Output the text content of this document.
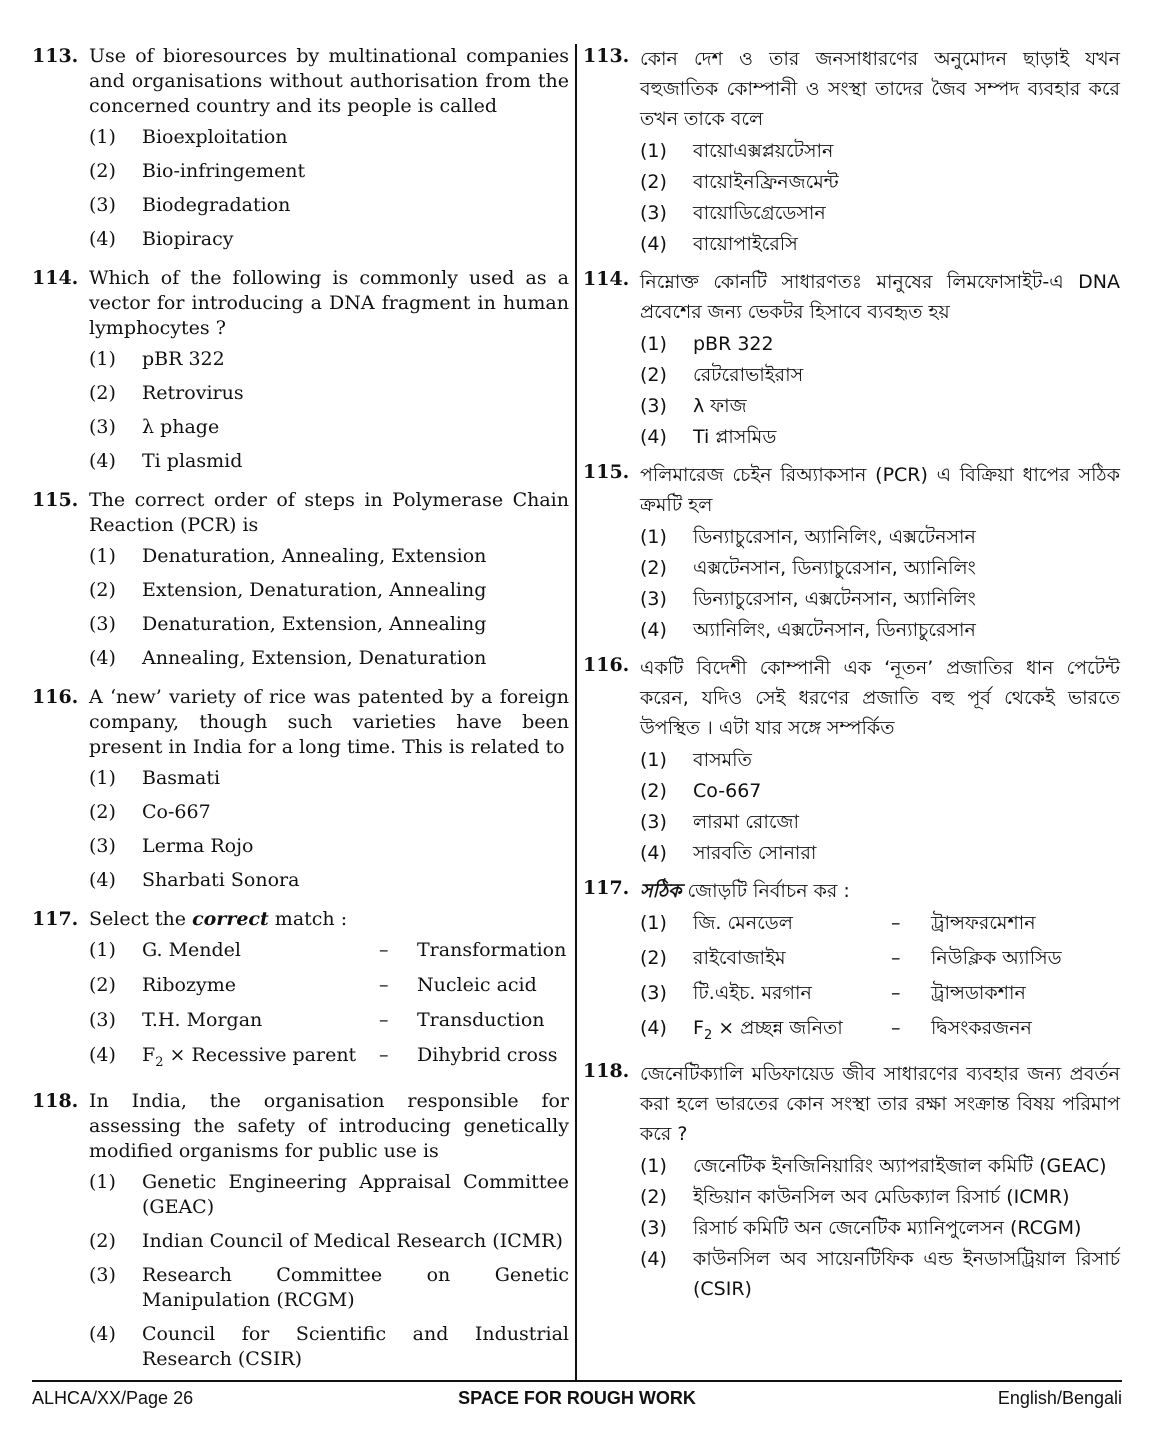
113. Use of bioresources by multinational companies and organisations without authorisation from the concerned country and its people is called
(1)	Bioexploitation
(2)	Bio-infringement
(3)	Biodegradation
(4)	Biopiracy
114. Which of the following is commonly used as a vector for introducing a DNA fragment in human lymphocytes ?
(1)	pBR 322
(2)	Retrovirus
(3)	λ phage
(4)	Ti plasmid
115. The correct order of steps in Polymerase Chain Reaction (PCR) is
(1)	Denaturation, Annealing, Extension
(2)	Extension, Denaturation, Annealing
(3)	Denaturation, Extension, Annealing
(4)	Annealing, Extension, Denaturation
116. A ‘new’ variety of rice was patented by a foreign company, though such varieties have been present in India for a long time. This is related to
(1)	Basmati
(2)	Co-667
(3)	Lerma Rojo
(4)	Sharbati Sonora
117. Select the correct match :
(1)	G. Mendel	–	Transformation
(2)	Ribozyme	–	Nucleic acid
(3)	T.H. Morgan	–	Transduction
(4)	$F_2$ × Recessive parent	–	Dihybrid cross
118. In India, the organisation responsible for assessing the safety of introducing genetically modified organisms for public use is
(1)	Genetic Engineering Appraisal Committee (GEAC)
(2)	Indian Council of Medical Research (ICMR)
(3)	Research Committee on Genetic Manipulation (RCGM)
(4)	Council for Scientific and Industrial Research (CSIR)
113. কোন দেশ ও তার জনসাধারণের অনুমোদন ছাড়াই যখন বহুজাতিক কোম্পানী ও সংস্থা তাদের জৈব সম্পদ ব্যবহার করে তখন তাকে বলে
(1)	বায়োএক্সপ্লয়টেসান
(2)	বায়োইনফ্রিনজমেন্ট
(3)	বায়োডিগ্রেডেসান
(4)	বায়োপাইরেসি
114. নিম্নোক্ত কোনটি সাধারণতঃ মানুষের লিমফোসাইট-এ DNA প্রবেশের জন্য ভেকটর হিসাবে ব্যবহৃত হয়
(1)	pBR 322
(2)	রেটরোভাইরাস
(3)	λ ফাজ
(4)	Ti প্লাসমিড
115. পলিমারেজ চেইন রিঅ্যাকসান (PCR) এ বিক্রিয়া ধাপের সঠিক ক্রমটি হল
(1)	ডিন্যাচুরেসান, অ্যানিলিং, এক্সটেনসান
(2)	এক্সটেনসান, ডিন্যাচুরেসান, অ্যানিলিং
(3)	ডিন্যাচুরেসান, এক্সটেনসান, অ্যানিলিং
(4)	অ্যানিলিং, এক্সটেনসান, ডিন্যাচুরেসান
116. একটি বিদেশী কোম্পানী এক ‘নূতন’ প্রজাতির ধান পেটেন্ট করেন, যদিও সেই ধরণের প্রজাতি বহু পূর্ব থেকেই ভারতে উপস্থিত । এটা যার সঙ্গে সম্পর্কিত
(1)	বাসমতি
(2)	Co-667
(3)	লারমা রোজো
(4)	সারবতি সোনারা
117. সঠিক জোড়টি নির্বাচন কর :
(1)	জি. মেনডেল	–	ট্রান্সফরমেশান
(2)	রাইবোজাইম	–	নিউক্লিক অ্যাসিড
(3)	টি.এইচ. মরগান	–	ট্রান্সডাকশান
(4)	$F_2$ × প্রচ্ছন্ন জনিতা	–	দ্বিসংকরজনন
118. জেনেটিক্যালি মডিফায়েড জীব সাধারণের ব্যবহার জন্য প্রবর্তন করা হলে ভারতের কোন সংস্থা তার রক্ষা সংক্রান্ত বিষয় পরিমাপ করে ?
(1)	জেনেটিক ইনজিনিয়ারিং অ্যাপরাইজাল কমিটি (GEAC)
(2)	ইন্ডিয়ান কাউনসিল অব মেডিক্যাল রিসার্চ (ICMR)
(3)	রিসার্চ কমিটি অন জেনেটিক ম্যানিপুলেসন (RCGM)
(4)	কাউনসিল অব সায়েনটিফিক এন্ড ইনডাসট্রিয়াল রিসার্চ (CSIR)
SPACE FOR ROUGH WORK
ALHCA/XX/Page 26	English/Bengali
